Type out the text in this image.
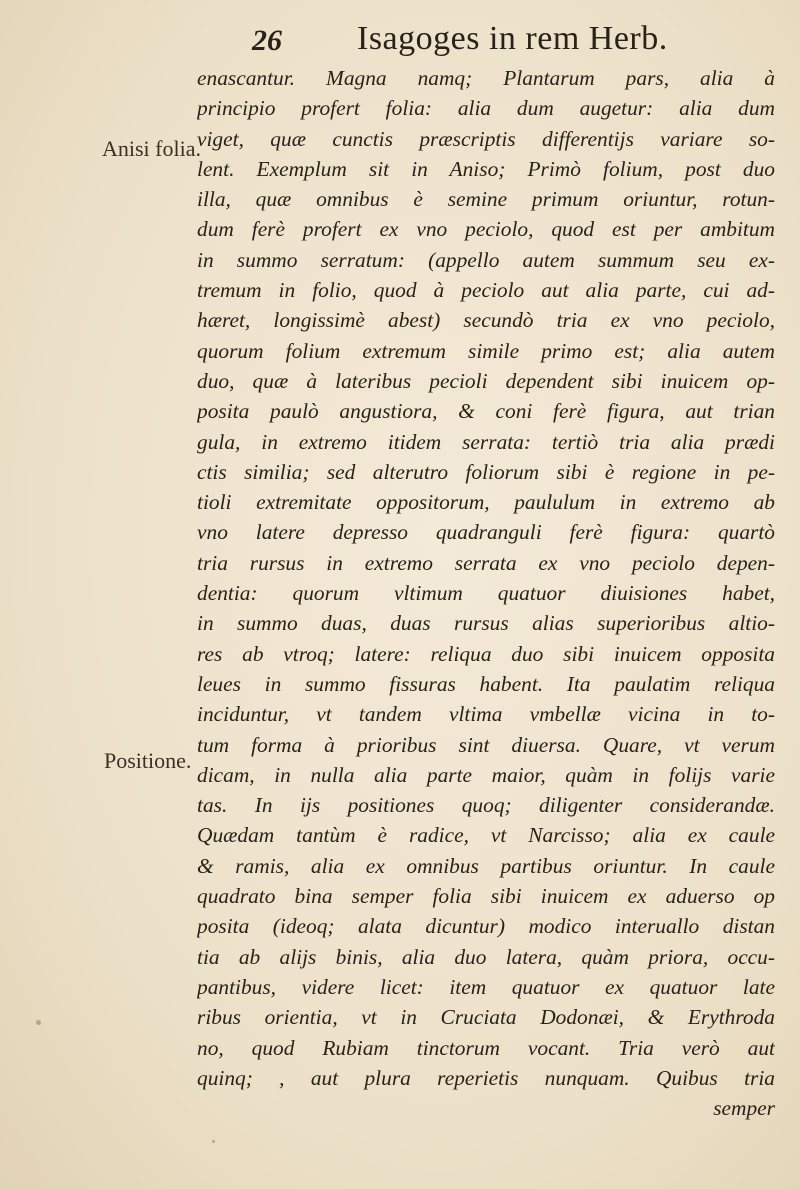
26 Isagoges in rem Herb.
Anisi folia.
Positione.
enascantur. Magna namq; Plantarum pars, alia à
principio profert folia: alia dum augetur: alia dum
viget, quæ cunctis præscriptis differentijs variare so-
lent. Exemplum sit in Aniso; Primò folium, post duo
illa, quæ omnibus è semine primum oriuntur, rotun-
dum ferè profert ex vno peciolo, quod est per ambitum
in summo serratum: (appello autem summum seu ex-
tremum in folio, quod à peciolo aut alia parte, cui ad-
hæret, longissimè abest) secundò tria ex vno peciolo,
quorum folium extremum simile primo est; alia autem
duo, quæ à lateribus pecioli dependent sibi inuicem op-
posita paulò angustiora, & coni ferè figura, aut trian
gula, in extremo itidem serrata: tertiò tria alia prædi
ctis similia; sed alterutro foliorum sibi è regione in pe-
tioli extremitate oppositorum, paululum in extremo ab
vno latere depresso quadranguli ferè figura: quartò
tria rursus in extremo serrata ex vno peciolo depen-
dentia: quorum vltimum quatuor diuisiones habet,
in summo duas, duas rursus alias superioribus altio-
res ab vtroq; latere: reliqua duo sibi inuicem opposita
leues in summo fissuras habent. Ita paulatim reliqua
inciduntur, vt tandem vltima vmbellæ vicina in to-
tum forma à prioribus sint diuersa. Quare, vt verum
dicam, in nulla alia parte maior, quàm in folijs varie
tas. In ijs positiones quoq; diligenter considerandæ.
Quædam tantùm è radice, vt Narcisso; alia ex caule
& ramis, alia ex omnibus partibus oriuntur. In caule
quadrato bina semper folia sibi inuicem ex aduerso op
posita (ideoq; alata dicuntur) modico interuallo distan
tia ab alijs binis, alia duo latera, quàm priora, occu-
pantibus, videre licet: item quatuor ex quatuor late
ribus orientia, vt in Cruciata Dodonæi, & Erythroda
no, quod Rubiam tinctorum vocant. Tria verò aut
quinq; , aut plura reperietis nunquam. Quibus tria
semper
